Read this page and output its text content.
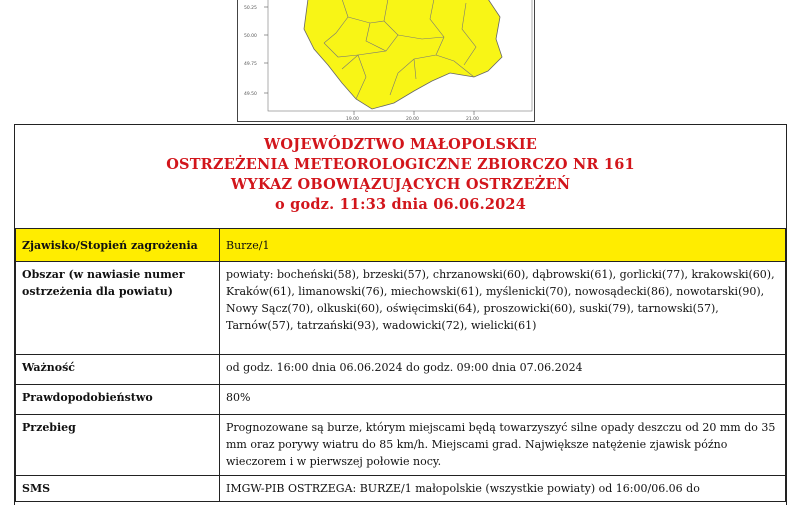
50.25
50.00
49.75
49.50
19.00	20.00	21.00
WOJEWÓDZTWO MAŁOPOLSKIE
OSTRZEŻENIA METEOROLOGICZNE ZBIORCZO NR 161
WYKAZ OBOWIĄZUJĄCYCH OSTRZEŻEŃ
o godz. 11:33 dnia 06.06.2024
Zjawisko/Stopień zagrożenia	Burze/1
Obszar (w nawiasie numer ostrzeżenia dla powiatu)	powiaty: bocheński(58), brzeski(57), chrzanowski(60), dąbrowski(61), gorlicki(77), krakowski(60), Kraków(61), limanowski(76), miechowski(61), myślenicki(70), nowosądecki(86), nowotarski(90), Nowy Sącz(70), olkuski(60), oświęcimski(64), proszowicki(60), suski(79), tarnowski(57), Tarnów(57), tatrzański(93), wadowicki(72), wielicki(61)
Ważność	od godz. 16:00 dnia 06.06.2024 do godz. 09:00 dnia 07.06.2024
Prawdopodobieństwo	80%
Przebieg	Prognozowane są burze, którym miejscami będą towarzyszyć silne opady deszczu od 20 mm do 35 mm oraz porywy wiatru do 85 km/h. Miejscami grad. Największe natężenie zjawisk późno wieczorem i w pierwszej połowie nocy.
SMS	IMGW-PIB OSTRZEGA: BURZE/1 małopolskie (wszystkie powiaty) od 16:00/06.06 do
